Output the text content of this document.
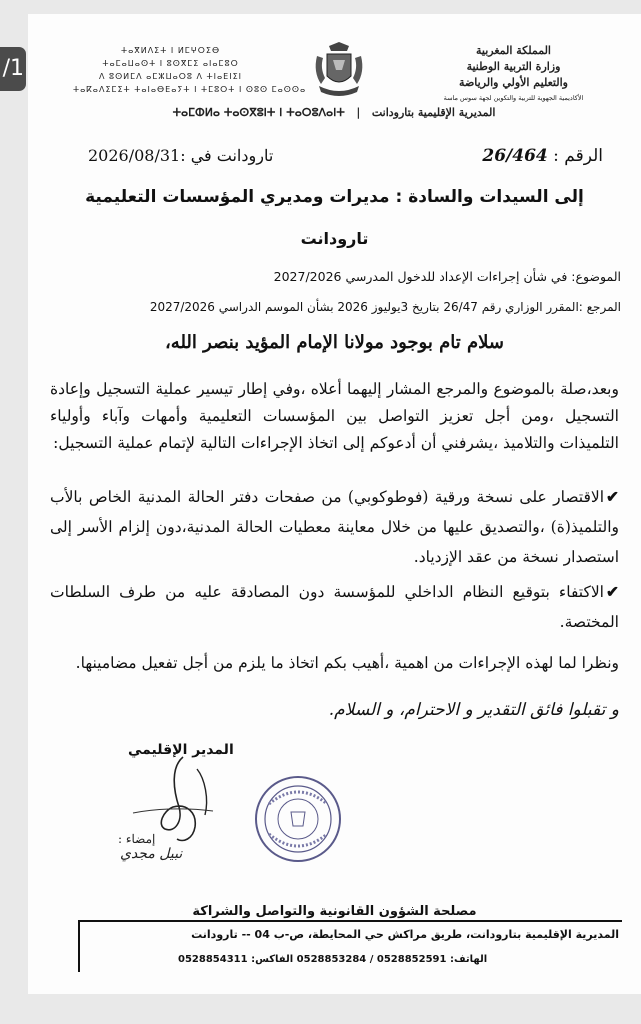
/1
المملكة المغربية
وزارة التربية الوطنية
والتعليم الأولي والرياضة
الأكاديمية الجهوية للتربية والتكوين لجهة سوس ماسة
ⵜⴰⴳⵍⴷⵉⵜ ⵏ ⵍⵎⵖⵔⵉⴱ
ⵜⴰⵎⴰⵡⴰⵙⵜ ⵏ ⵓⵙⴳⵎⵉ ⴰⵏⴰⵎⵓⵔ
ⴷ ⵓⵙⵍⵎⴷ ⴰⵎⵣⵡⴰⵔⵓ ⴷ ⵜⵏⴰⴹⵏⵉⵏ
ⵜⴰⴽⴰⴷⵉⵎⵉⵜ ⵜⴰⵏⴰⴱⴹⴰⵢⵜ ⵏ ⵜⵎⵓⵔⵜ ⵏ ⵙⵓⵙ ⵎⴰⵙⵙⴰ
ⵜⴰⵎⵀⵍⴰ ⵜⴰⵙⴳⵓⵏⵜ ⵏ ⵜⴰⵔⵓⴷⴰⵏⵜ   |   المديرية الإقليمية بتارودانت
الرقم : 26/464
تارودانت في :2026/08/31
إلى السيدات والسادة : مديرات ومديري المؤسسات التعليمية
تارودانت
الموضوع: في شأن إجراءات الإعداد للدخول المدرسي 2027/2026
المرجع :المقرر الوزاري رقم 26/47 بتاريخ 3يوليوز 2026 بشأن الموسم الدراسي 2027/2026
سلام تام بوجود مولانا الإمام المؤيد بنصر الله،
وبعد،صلة بالموضوع والمرجع المشار إليهما أعلاه ،وفي إطار تيسير عملية التسجيل وإعادة التسجيل ،ومن أجل تعزيز التواصل بين المؤسسات التعليمية وأمهات وآباء وأولياء التلميذات والتلاميذ ،يشرفني أن أدعوكم إلى اتخاذ الإجراءات التالية لإتمام عملية التسجيل:
✔الاقتصار على نسخة ورقية (فوطوكوبي) من صفحات دفتر الحالة المدنية الخاص بالأب والتلميذ(ة) ،والتصديق عليها من خلال معاينة معطيات الحالة المدنية،دون إلزام الأسر إلى استصدار نسخة من عقد الإزدياد.
✔الاكتفاء بتوقيع النظام الداخلي للمؤسسة دون المصادقة عليه من طرف السلطات المختصة.
ونظرا لما لهذه الإجراءات من اهمية ،أهيب بكم اتخاذ ما يلزم من أجل تفعيل مضامينها.
و تقبلوا فائق التقدير و الاحترام، و السلام.
المدير الإقليمي
إمضاء :
نبيل مجدي
مصلحة الشؤون القانونية والتواصل والشراكة
المديرية الإقليمية بتارودانت، طريق مراكش حي المحايطة، ص-ب 04 -- تارودانت
الهاتف: 0528852591 / 0528853284 الفاكس: 0528854311
